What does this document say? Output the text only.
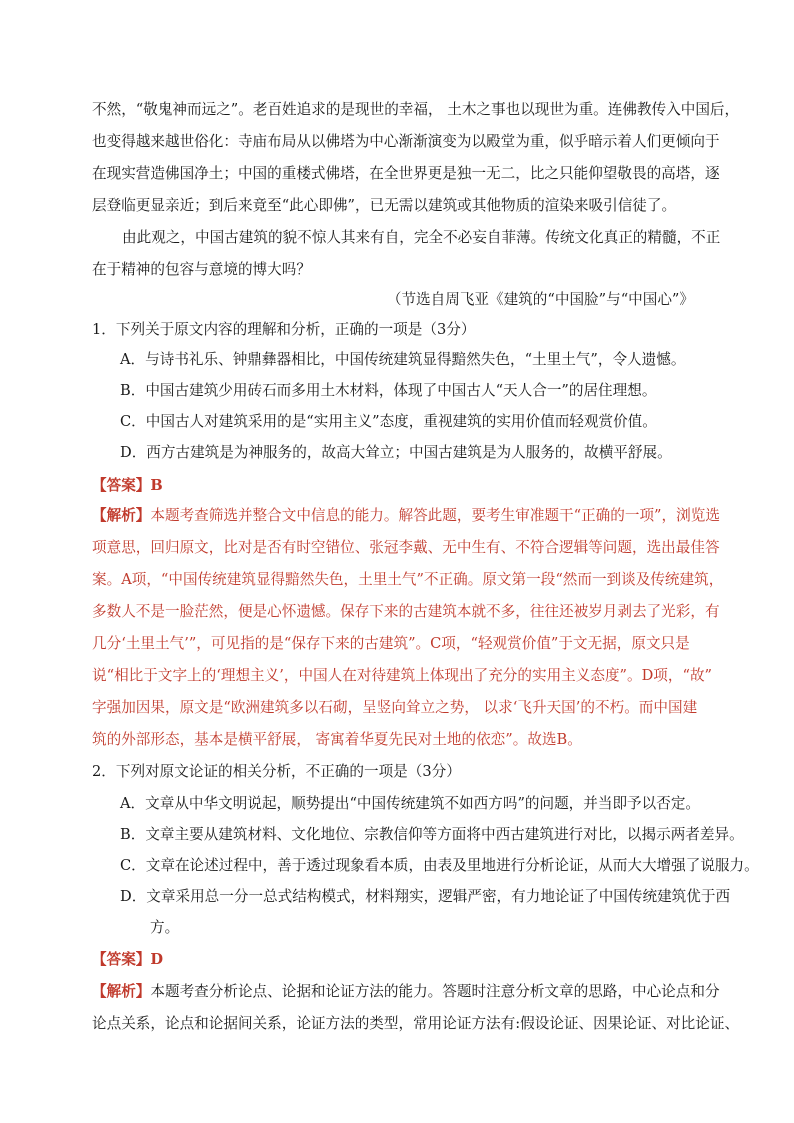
不然，“敬鬼神而远之”。老百姓追求的是现世的幸福， 土木之事也以现世为重。连佛教传入中国后，
也变得越来越世俗化：寺庙布局从以佛塔为中心渐渐演变为以殿堂为重，似乎暗示着人们更倾向于
在现实营造佛国净土；中国的重楼式佛塔，在全世界更是独一无二，比之只能仰望敬畏的高塔，逐
层登临更显亲近；到后来竟至“此心即佛”，已无需以建筑或其他物质的渲染来吸引信徒了。
由此观之，中国古建筑的貌不惊人其来有自，完全不必妄自菲薄。传统文化真正的精髓，不正
在于精神的包容与意境的博大吗？
（节选自周飞亚《建筑的“中国脸”与“中国心”》
1．下列关于原文内容的理解和分析，正确的一项是（3分）
A．与诗书礼乐、钟鼎彝器相比，中国传统建筑显得黯然失色，“土里土气”，令人遗憾。
B．中国古建筑少用砖石而多用土木材料，体现了中国古人“天人合一”的居住理想。
C．中国古人对建筑采用的是“实用主义”态度，重视建筑的实用价值而轻观赏价值。
D．西方古建筑是为神服务的，故高大耸立；中国古建筑是为人服务的，故横平舒展。
【答案】B
【解析】本题考查筛选并整合文中信息的能力。解答此题，要考生审准题干“正确的一项”，浏览选
项意思，回归原文，比对是否有时空错位、张冠李戴、无中生有、不符合逻辑等问题，选出最佳答
案。A项，“中国传统建筑显得黯然失色，土里土气”不正确。原文第一段“然而一到谈及传统建筑，
多数人不是一脸茫然，便是心怀遗憾。保存下来的古建筑本就不多，往往还被岁月剥去了光彩，有
几分‘土里土气’”，可见指的是“保存下来的古建筑”。C项，“轻观赏价值”于文无据，原文只是
说“相比于文字上的‘理想主义’，中国人在对待建筑上体现出了充分的实用主义态度”。D项，“故”
字强加因果，原文是“欧洲建筑多以石砌，呈竖向耸立之势， 以求‘飞升天国’的不朽。而中国建
筑的外部形态，基本是横平舒展， 寄寓着华夏先民对土地的依恋”。故选B。
2．下列对原文论证的相关分析，不正确的一项是（3分）
A．文章从中华文明说起，顺势提出“中国传统建筑不如西方吗”的问题，并当即予以否定。
B．文章主要从建筑材料、文化地位、宗教信仰等方面将中西古建筑进行对比，以揭示两者差异。
C．文章在论述过程中，善于透过现象看本质，由表及里地进行分析论证，从而大大增强了说服力。
D．文章采用总一分一总式结构模式，材料翔实，逻辑严密，有力地论证了中国传统建筑优于西
方。
【答案】D
【解析】本题考查分析论点、论据和论证方法的能力。答题时注意分析文章的思路，中心论点和分
论点关系，论点和论据间关系，论证方法的类型，常用论证方法有:假设论证、因果论证、对比论证、
